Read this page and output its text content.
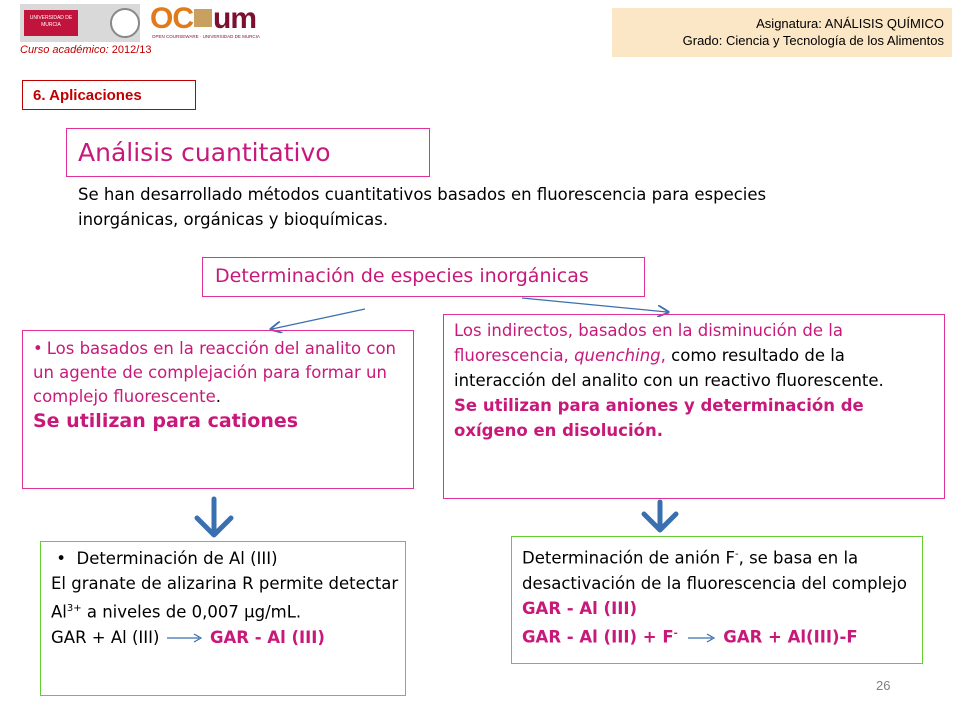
UNIVERSIDAD DE MURCIA	OC um
OPEN COURSEWARE · UNIVERSIDAD DE MURCIA
Curso académico: 2012/13
Asignatura: ANÁLISIS QUÍMICO
Grado: Ciencia y Tecnología de los Alimentos
6. Aplicaciones
Análisis cuantitativo
Se han desarrollado métodos cuantitativos basados en fluorescencia para especies inorgánicas, orgánicas y bioquímicas.
Determinación de especies inorgánicas
• Los basados en la reacción del analito con un agente de complejación para formar un complejo fluorescente.
Se utilizan para cationes
Los indirectos, basados en la disminución de la fluorescencia, quenching, como resultado de la interacción del analito con un reactivo fluorescente.
Se utilizan para aniones y determinación de oxígeno en disolución.
• Determinación de Al (III)
El granate de alizarina R permite detectar $Al^{3+}$ a niveles de 0,007 µg/mL.
GAR + Al (III) → GAR - Al (III)
Determinación de anión F-, se basa en la desactivación de la fluorescencia del complejo GAR - Al (III)
GAR - Al (III) + F- → GAR + Al(III)-F
26
